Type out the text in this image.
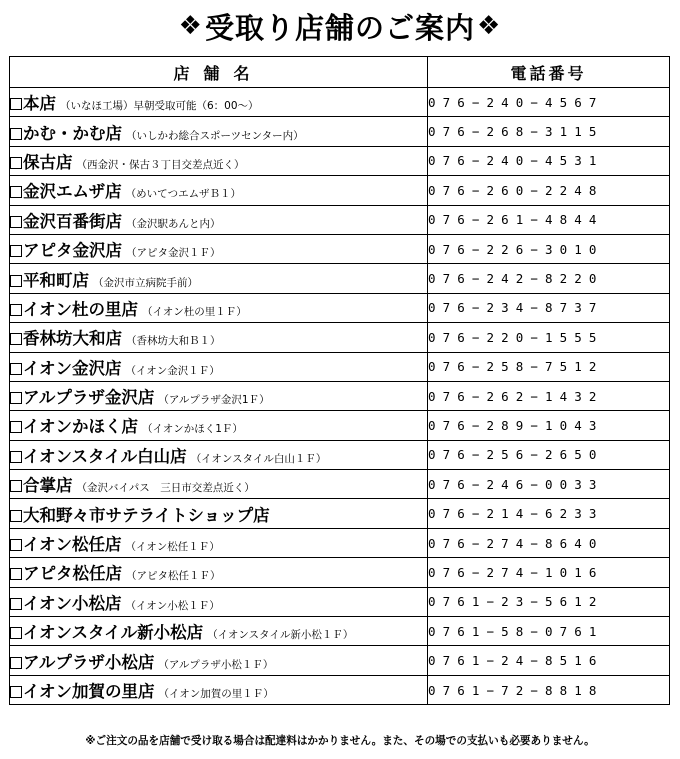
❖ 受取り店舗のご案内 ❖
店舗名	電話番号
本店 （いなほ工場）早朝受取可能（6：00〜）	076−240−4567
かむ・かむ店 （いしかわ総合スポーツセンター内）	076−268−3115
保古店 （西金沢・保古３丁目交差点近く）	076−240−4531
金沢エムザ店 （めいてつエムザＢ１）	076−260−2248
金沢百番街店 （金沢駅あんと内）	076−261−4844
アピタ金沢店 （アピタ金沢１Ｆ）	076−226−3010
平和町店 （金沢市立病院手前）	076−242−8220
イオン杜の里店 （イオン杜の里１Ｆ）	076−234−8737
香林坊大和店 （香林坊大和Ｂ１）	076−220−1555
イオン金沢店 （イオン金沢１Ｆ）	076−258−7512
アルプラザ金沢店 （アルプラザ金沢1Ｆ）	076−262−1432
イオンかほく店 （イオンかほく1Ｆ）	076−289−1043
イオンスタイル白山店 （イオンスタイル白山１Ｆ）	076−256−2650
合掌店 （金沢バイパス　三日市交差点近く）	076−246−0033
大和野々市サテライトショップ店	076−214−6233
イオン松任店 （イオン松任１Ｆ）	076−274−8640
アピタ松任店 （アピタ松任１Ｆ）	076−274−1016
イオン小松店 （イオン小松１Ｆ）	0761−23−5612
イオンスタイル新小松店 （イオンスタイル新小松１Ｆ）	0761−58−0761
アルプラザ小松店 （アルプラザ小松１Ｆ）	0761−24−8516
イオン加賀の里店 （イオン加賀の里１Ｆ）	0761−72−8818
※ご注文の品を店舗で受け取る場合は配達料はかかりません。また、その場での支払いも必要ありません。
